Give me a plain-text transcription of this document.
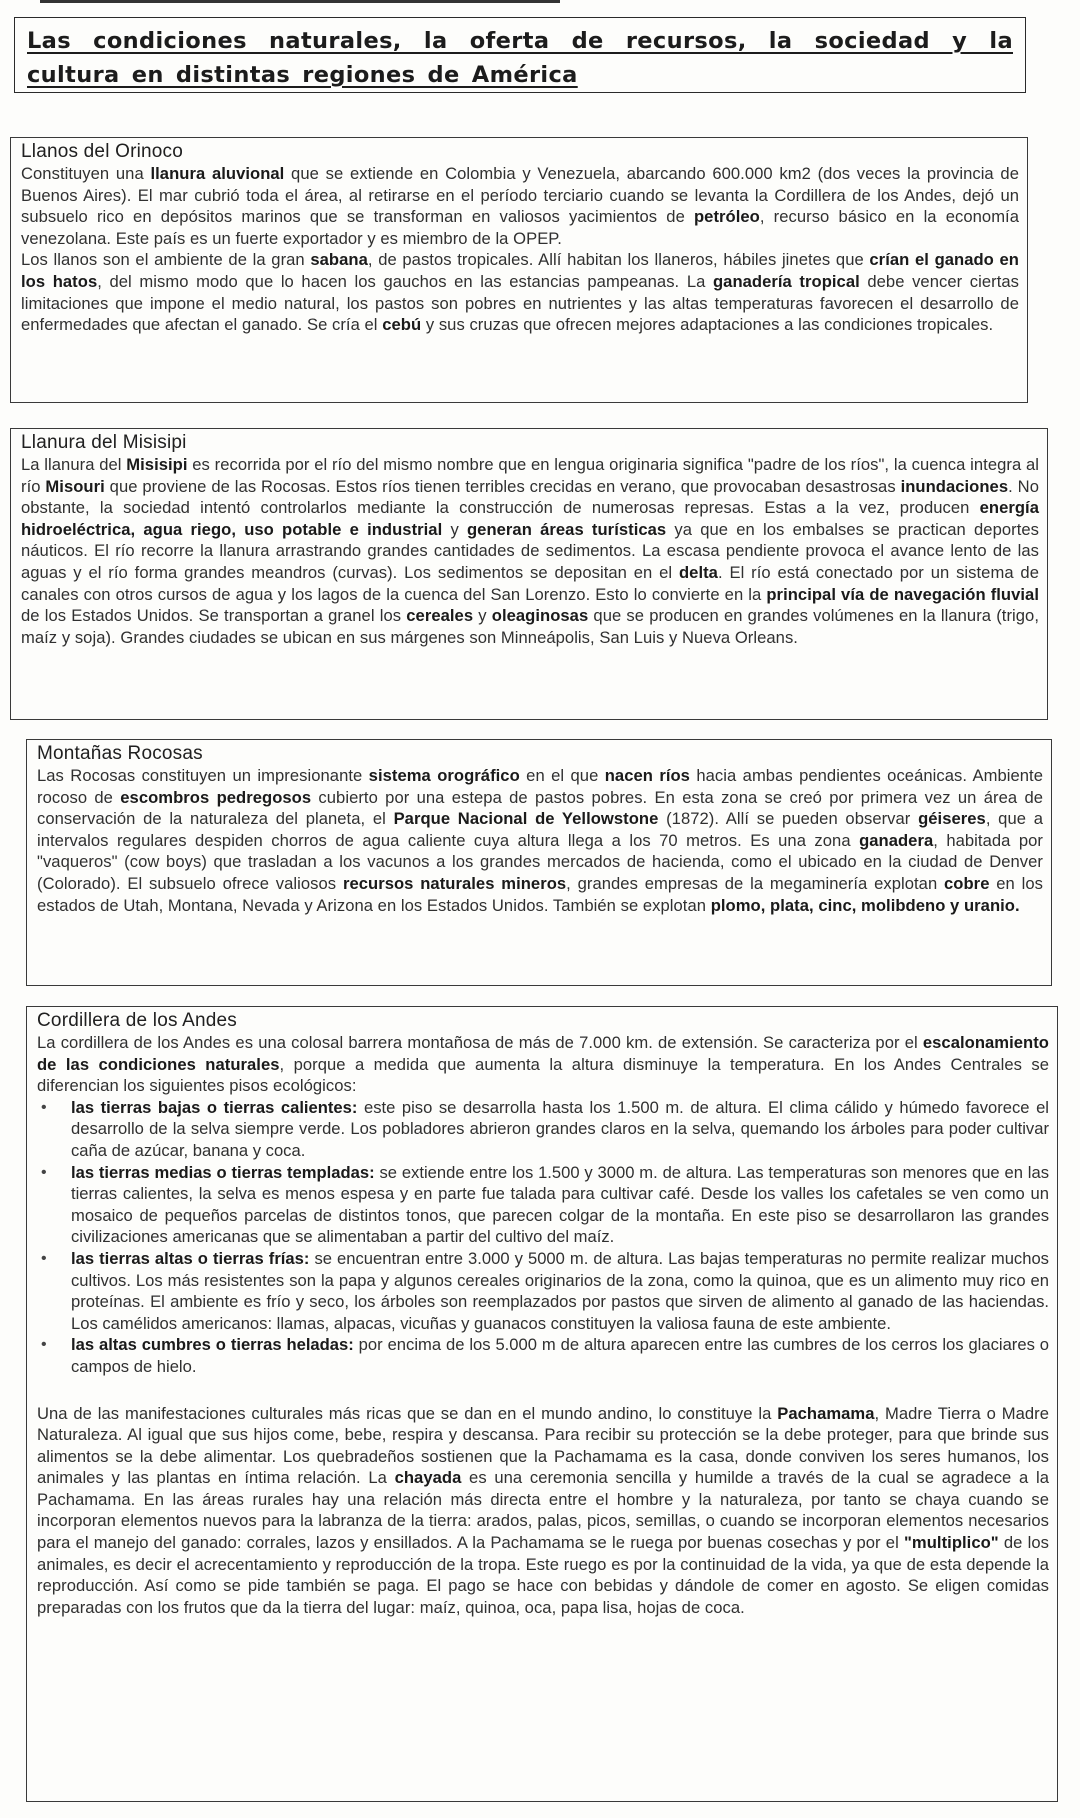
Las condiciones naturales, la oferta de recursos, la sociedad y la cultura en distintas regiones de América
Llanos del Orinoco

Constituyen una llanura aluvional que se extiende en Colombia y Venezuela, abarcando 600.000 km2 (dos veces la provincia de Buenos Aires). El mar cubrió toda el área, al retirarse en el período terciario cuando se levanta la Cordillera de los Andes, dejó un subsuelo rico en depósitos marinos que se transforman en valiosos yacimientos de petróleo, recurso básico en la economía venezolana. Este país es un fuerte exportador y es miembro de la OPEP.

Los llanos son el ambiente de la gran sabana, de pastos tropicales. Allí habitan los llaneros, hábiles jinetes que crían el ganado en los hatos, del mismo modo que lo hacen los gauchos en las estancias pampeanas. La ganadería tropical debe vencer ciertas limitaciones que impone el medio natural, los pastos son pobres en nutrientes y las altas temperaturas favorecen el desarrollo de enfermedades que afectan el ganado. Se cría el cebú y sus cruzas que ofrecen mejores adaptaciones a las condiciones tropicales.

Llanura del Misisipi

La llanura del Misisipi es recorrida por el río del mismo nombre que en lengua originaria significa "padre de los ríos", la cuenca integra al río Misouri que proviene de las Rocosas. Estos ríos tienen terribles crecidas en verano, que provocaban desastrosas inundaciones. No obstante, la sociedad intentó controlarlos mediante la construcción de numerosas represas. Estas a la vez, producen energía hidroeléctrica, agua riego, uso potable e industrial y generan áreas turísticas ya que en los embalses se practican deportes náuticos. El río recorre la llanura arrastrando grandes cantidades de sedimentos. La escasa pendiente provoca el avance lento de las aguas y el río forma grandes meandros (curvas). Los sedimentos se depositan en el delta. El río está conectado por un sistema de canales con otros cursos de agua y los lagos de la cuenca del San Lorenzo. Esto lo convierte en la principal vía de navegación fluvial de los Estados Unidos. Se transportan a granel los cereales y oleaginosas que se producen en grandes volúmenes en la llanura (trigo, maíz y soja). Grandes ciudades se ubican en sus márgenes son Minneápolis, San Luis y Nueva Orleans.

Montañas Rocosas

Las Rocosas constituyen un impresionante sistema orográfico en el que nacen ríos hacia ambas pendientes oceánicas. Ambiente rocoso de escombros pedregosos cubierto por una estepa de pastos pobres. En esta zona se creó por primera vez un área de conservación de la naturaleza del planeta, el Parque Nacional de Yellowstone (1872). Allí se pueden observar géiseres, que a intervalos regulares despiden chorros de agua caliente cuya altura llega a los 70 metros. Es una zona ganadera, habitada por "vaqueros" (cow boys) que trasladan a los vacunos a los grandes mercados de hacienda, como el ubicado en la ciudad de Denver (Colorado). El subsuelo ofrece valiosos recursos naturales mineros, grandes empresas de la megaminería explotan cobre en los estados de Utah, Montana, Nevada y Arizona en los Estados Unidos. También se explotan plomo, plata, cinc, molibdeno y uranio.

Cordillera de los Andes

La cordillera de los Andes es una colosal barrera montañosa de más de 7.000 km. de extensión. Se caracteriza por el escalonamiento de las condiciones naturales, porque a medida que aumenta la altura disminuye la temperatura. En los Andes Centrales se diferencian los siguientes pisos ecológicos:

• las tierras bajas o tierras calientes: este piso se desarrolla hasta los 1.500 m. de altura. El clima cálido y húmedo favorece el desarrollo de la selva siempre verde. Los pobladores abrieron grandes claros en la selva, quemando los árboles para poder cultivar caña de azúcar, banana y coca.
• las tierras medias o tierras templadas: se extiende entre los 1.500 y 3000 m. de altura. Las temperaturas son menores que en las tierras calientes, la selva es menos espesa y en parte fue talada para cultivar café. Desde los valles los cafetales se ven como un mosaico de pequeños parcelas de distintos tonos, que parecen colgar de la montaña. En este piso se desarrollaron las grandes civilizaciones americanas que se alimentaban a partir del cultivo del maíz.
• las tierras altas o tierras frías: se encuentran entre 3.000 y 5000 m. de altura. Las bajas temperaturas no permite realizar muchos cultivos. Los más resistentes son la papa y algunos cereales originarios de la zona, como la quinoa, que es un alimento muy rico en proteínas. El ambiente es frío y seco, los árboles son reemplazados por pastos que sirven de alimento al ganado de las haciendas. Los camélidos americanos: llamas, alpacas, vicuñas y guanacos constituyen la valiosa fauna de este ambiente.
• las altas cumbres o tierras heladas: por encima de los 5.000 m de altura aparecen entre las cumbres de los cerros los glaciares o campos de hielo.

Una de las manifestaciones culturales más ricas que se dan en el mundo andino, lo constituye la Pachamama, Madre Tierra o Madre Naturaleza. Al igual que sus hijos come, bebe, respira y descansa. Para recibir su protección se la debe proteger, para que brinde sus alimentos se la debe alimentar. Los quebradeños sostienen que la Pachamama es la casa, donde conviven los seres humanos, los animales y las plantas en íntima relación. La chayada es una ceremonia sencilla y humilde a través de la cual se agradece a la Pachamama. En las áreas rurales hay una relación más directa entre el hombre y la naturaleza, por tanto se chaya cuando se incorporan elementos nuevos para la labranza de la tierra: arados, palas, picos, semillas, o cuando se incorporan elementos necesarios para el manejo del ganado: corrales, lazos y ensillados. A la Pachamama se le ruega por buenas cosechas y por el "multiplico" de los animales, es decir el acrecentamiento y reproducción de la tropa. Este ruego es por la continuidad de la vida, ya que de esta depende la reproducción. Así como se pide también se paga. El pago se hace con bebidas y dándole de comer en agosto. Se eligen comidas preparadas con los frutos que da la tierra del lugar: maíz, quinoa, oca, papa lisa, hojas de coca.
